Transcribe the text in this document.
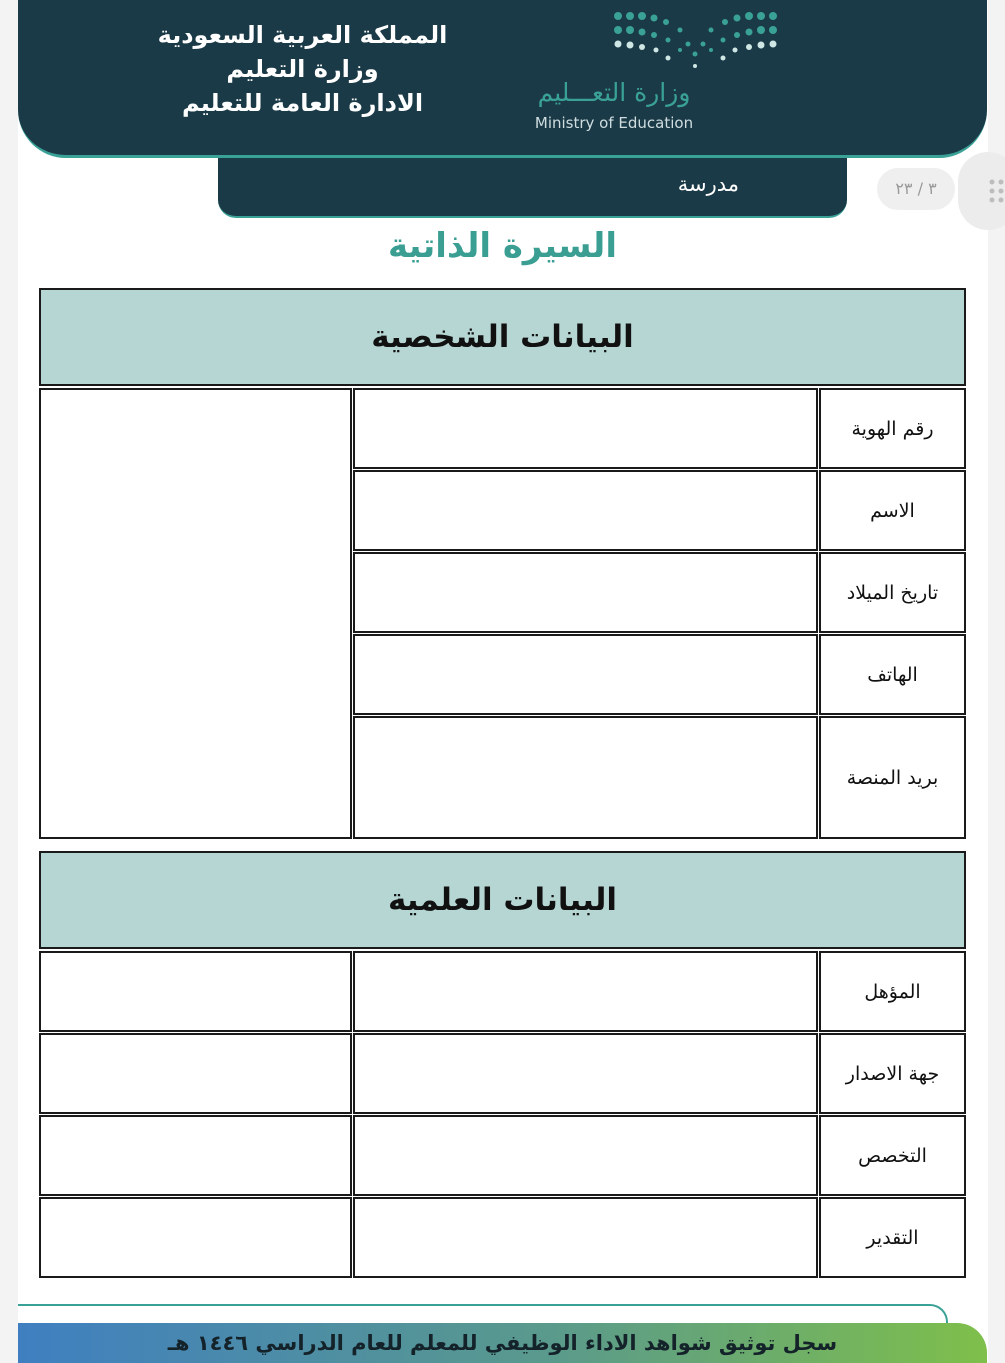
المملكة العربية السعودية
وزارة التعليم
الادارة العامة للتعليم	وزارة التعـــليم
Ministry of Education
مدرسة	٣ / ٢٣
السيرة الذاتية
البيانات الشخصية
رقم الهوية
الاسم
تاريخ الميلاد
الهاتف
بريد المنصة
البيانات العلمية
المؤهل
جهة الاصدار
التخصص
التقدير
سجل توثيق شواهد الاداء الوظيفي للمعلم للعام الدراسي ١٤٤٦ هـ
